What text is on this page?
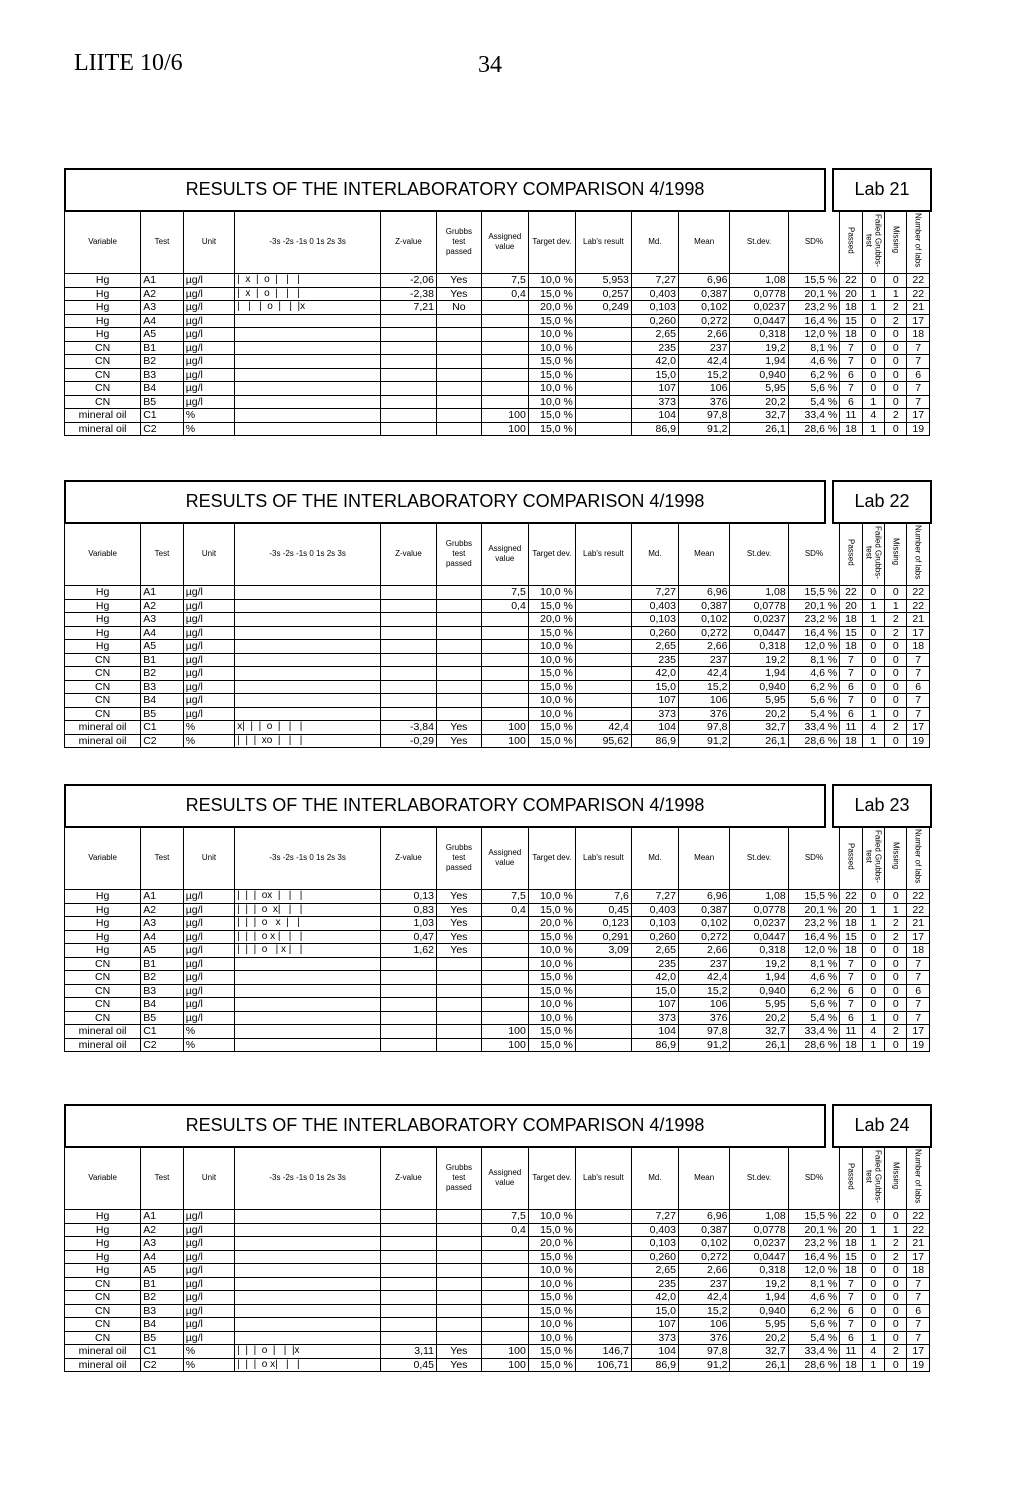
LIITE 10/6	34
RESULTS OF THE INTERLABORATORY COMPARISON 4/1998	Lab 21
Variable	Test	Unit	-3s -2s -1s 0 1s 2s 3s	Z-value	Grubbs test passed	Assigned value	Target dev.	Lab's result	Md.	Mean	St.dev.	SD%	Passed	Failed Grubbs-test	Missing	Number of labs
Hg	A1	µg/l	|  x  |  o  |   |   |	-2,06	Yes	7,5	10,0 %	5,953	7,27	6,96	1,08	15,5 %	22	0	0	22
Hg	A2	µg/l	|  x  |  o  |   |   |	-2,38	Yes	0,4	15,0 %	0,257	0,403	0,387	0,0778	20,1 %	20	1	1	22
Hg	A3	µg/l	|   |   |  o  |   |  |x	7,21	No		20,0 %	0,249	0,103	0,102	0,0237	23,2 %	18	1	2	21
Hg	A4	µg/l					15,0 %		0,260	0,272	0,0447	16,4 %	15	0	2	17
Hg	A5	µg/l					10,0 %		2,65	2,66	0,318	12,0 %	18	0	0	18
CN	B1	µg/l					10,0 %		235	237	19,2	8,1 %	7	0	0	7
CN	B2	µg/l					15,0 %		42,0	42,4	1,94	4,6 %	7	0	0	7
CN	B3	µg/l					15,0 %		15,0	15,2	0,940	6,2 %	6	0	0	6
CN	B4	µg/l					10,0 %		107	106	5,95	5,6 %	7	0	0	7
CN	B5	µg/l					10,0 %		373	376	20,2	5,4 %	6	1	0	7
mineral oil	C1	%				100	15,0 %		104	97,8	32,7	33,4 %	11	4	2	17
mineral oil	C2	%				100	15,0 %		86,9	91,2	26,1	28,6 %	18	1	0	19
RESULTS OF THE INTERLABORATORY COMPARISON 4/1998	Lab 22
Variable	Test	Unit	-3s -2s -1s 0 1s 2s 3s	Z-value	Grubbs test passed	Assigned value	Target dev.	Lab's result	Md.	Mean	St.dev.	SD%	Passed	Failed Grubbs-test	Missing	Number of labs
Hg	A1	µg/l				7,5	10,0 %		7,27	6,96	1,08	15,5 %	22	0	0	22
Hg	A2	µg/l				0,4	15,0 %		0,403	0,387	0,0778	20,1 %	20	1	1	22
Hg	A3	µg/l					20,0 %		0,103	0,102	0,0237	23,2 %	18	1	2	21
Hg	A4	µg/l					15,0 %		0,260	0,272	0,0447	16,4 %	15	0	2	17
Hg	A5	µg/l					10,0 %		2,65	2,66	0,318	12,0 %	18	0	0	18
CN	B1	µg/l					10,0 %		235	237	19,2	8,1 %	7	0	0	7
CN	B2	µg/l					15,0 %		42,0	42,4	1,94	4,6 %	7	0	0	7
CN	B3	µg/l					15,0 %		15,0	15,2	0,940	6,2 %	6	0	0	6
CN	B4	µg/l					10,0 %		107	106	5,95	5,6 %	7	0	0	7
CN	B5	µg/l					10,0 %		373	376	20,2	5,4 %	6	1	0	7
mineral oil	C1	%	x|  |  |  o  |   |   |	-3,84	Yes	100	15,0 %	42,4	104	97,8	32,7	33,4 %	11	4	2	17
mineral oil	C2	%	|  |  |  xo  |   |   |	-0,29	Yes	100	15,0 %	95,62	86,9	91,2	26,1	28,6 %	18	1	0	19
RESULTS OF THE INTERLABORATORY COMPARISON 4/1998	Lab 23
Variable	Test	Unit	-3s -2s -1s 0 1s 2s 3s	Z-value	Grubbs test passed	Assigned value	Target dev.	Lab's result	Md.	Mean	St.dev.	SD%	Passed	Failed Grubbs-test	Missing	Number of labs
Hg	A1	µg/l	|  |  |  ox  |   |   |	0,13	Yes	7,5	10,0 %	7,6	7,27	6,96	1,08	15,5 %	22	0	0	22
Hg	A2	µg/l	|  |  |  o  x|   |   |	0,83	Yes	0,4	15,0 %	0,45	0,403	0,387	0,0778	20,1 %	20	1	1	22
Hg	A3	µg/l	|  |  |  o   x  |   |	1,03	Yes		20,0 %	0,123	0,103	0,102	0,0237	23,2 %	18	1	2	21
Hg	A4	µg/l	|  |  |  o x |   |   |	0,47	Yes		15,0 %	0,291	0,260	0,272	0,0447	16,4 %	15	0	2	17
Hg	A5	µg/l	|  |  |  o   | x |   |	1,62	Yes		10,0 %	3,09	2,65	2,66	0,318	12,0 %	18	0	0	18
CN	B1	µg/l					10,0 %		235	237	19,2	8,1 %	7	0	0	7
CN	B2	µg/l					15,0 %		42,0	42,4	1,94	4,6 %	7	0	0	7
CN	B3	µg/l					15,0 %		15,0	15,2	0,940	6,2 %	6	0	0	6
CN	B4	µg/l					10,0 %		107	106	5,95	5,6 %	7	0	0	7
CN	B5	µg/l					10,0 %		373	376	20,2	5,4 %	6	1	0	7
mineral oil	C1	%				100	15,0 %		104	97,8	32,7	33,4 %	11	4	2	17
mineral oil	C2	%				100	15,0 %		86,9	91,2	26,1	28,6 %	18	1	0	19
RESULTS OF THE INTERLABORATORY COMPARISON 4/1998	Lab 24
Variable	Test	Unit	-3s -2s -1s 0 1s 2s 3s	Z-value	Grubbs test passed	Assigned value	Target dev.	Lab's result	Md.	Mean	St.dev.	SD%	Passed	Failed Grubbs-test	Missing	Number of labs
Hg	A1	µg/l				7,5	10,0 %		7,27	6,96	1,08	15,5 %	22	0	0	22
Hg	A2	µg/l				0,4	15,0 %		0,403	0,387	0,0778	20,1 %	20	1	1	22
Hg	A3	µg/l					20,0 %		0,103	0,102	0,0237	23,2 %	18	1	2	21
Hg	A4	µg/l					15,0 %		0,260	0,272	0,0447	16,4 %	15	0	2	17
Hg	A5	µg/l					10,0 %		2,65	2,66	0,318	12,0 %	18	0	0	18
CN	B1	µg/l					10,0 %		235	237	19,2	8,1 %	7	0	0	7
CN	B2	µg/l					15,0 %		42,0	42,4	1,94	4,6 %	7	0	0	7
CN	B3	µg/l					15,0 %		15,0	15,2	0,940	6,2 %	6	0	0	6
CN	B4	µg/l					10,0 %		107	106	5,95	5,6 %	7	0	0	7
CN	B5	µg/l					10,0 %		373	376	20,2	5,4 %	6	1	0	7
mineral oil	C1	%	|  |  |  o  |   |  |x	3,11	Yes	100	15,0 %	146,7	104	97,8	32,7	33,4 %	11	4	2	17
mineral oil	C2	%	|  |  |  o x|   |   |	0,45	Yes	100	15,0 %	106,71	86,9	91,2	26,1	28,6 %	18	1	0	19
